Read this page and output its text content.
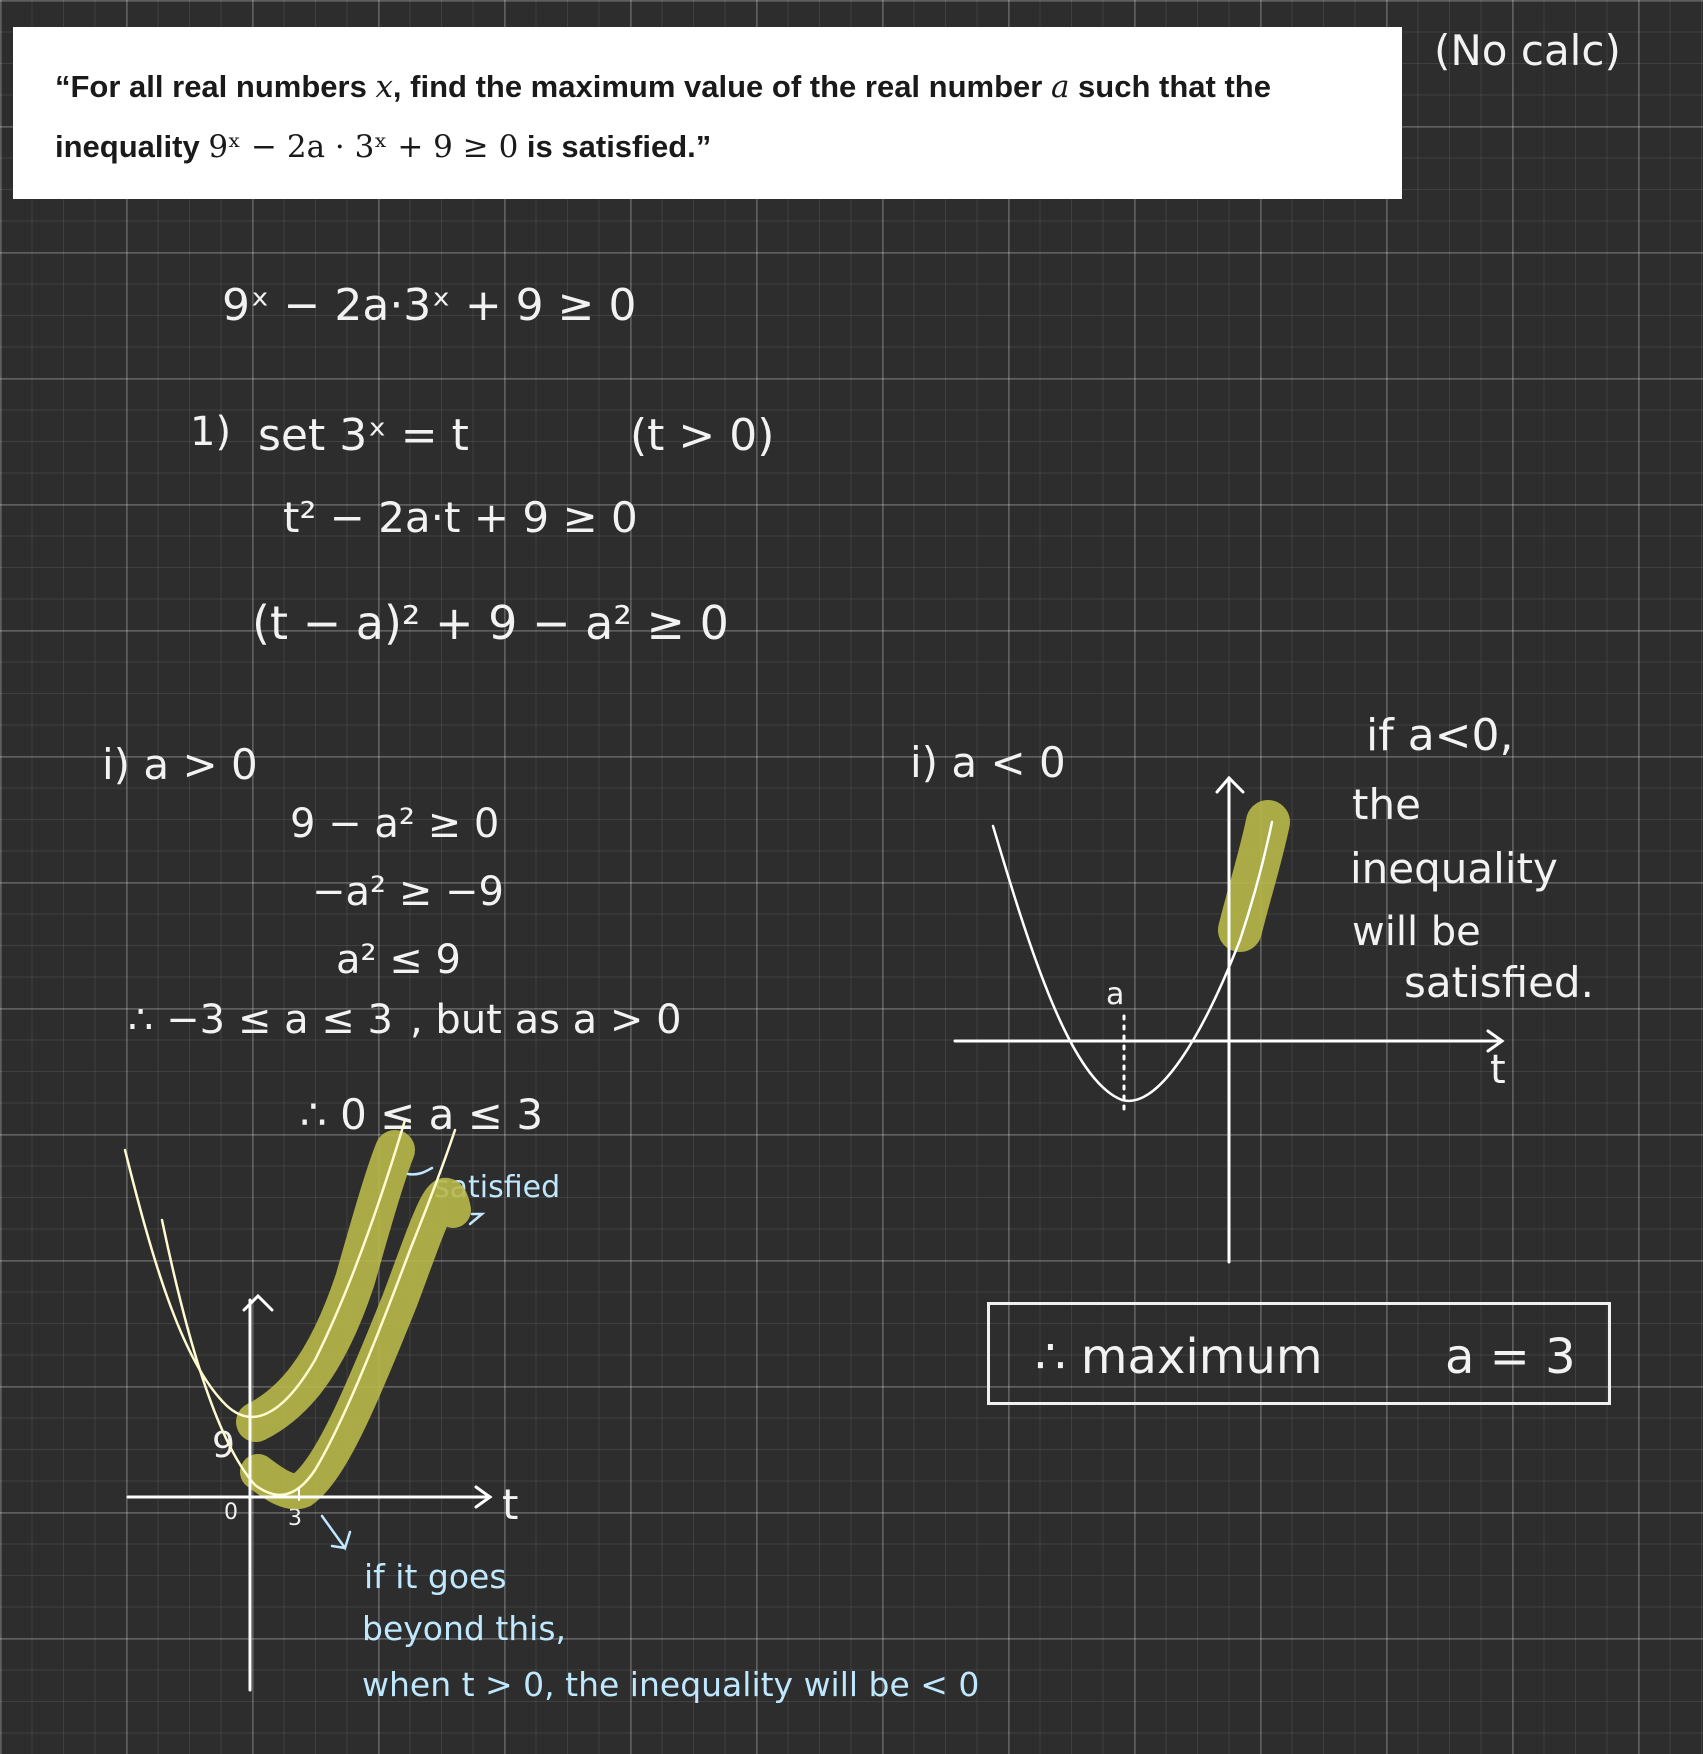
“For all real numbers x, find the maximum value of the real number a such that the
inequality 9ˣ − 2a · 3ˣ + 9 ≥ 0 is satisfied.”
(No calc)
9ˣ − 2a·3ˣ + 9 ≥ 0
1) set 3ˣ = t	(t > 0)
t² − 2a·t + 9 ≥ 0
(t − a)² + 9 − a² ≥ 0
i) a > 0
9 − a² ≥ 0
−a² ≥ −9
a² ≤ 9
∴ −3 ≤ a ≤ 3 , but as a > 0
∴ 0 ≤ a ≤ 3
satisfied
9
0 3	t
if it goes
beyond this,
when t > 0, the inequality will be < 0
i) a < 0
a
t
if a<0,
the
inequality
will be
satisfied.
∴ maximum	a = 3
